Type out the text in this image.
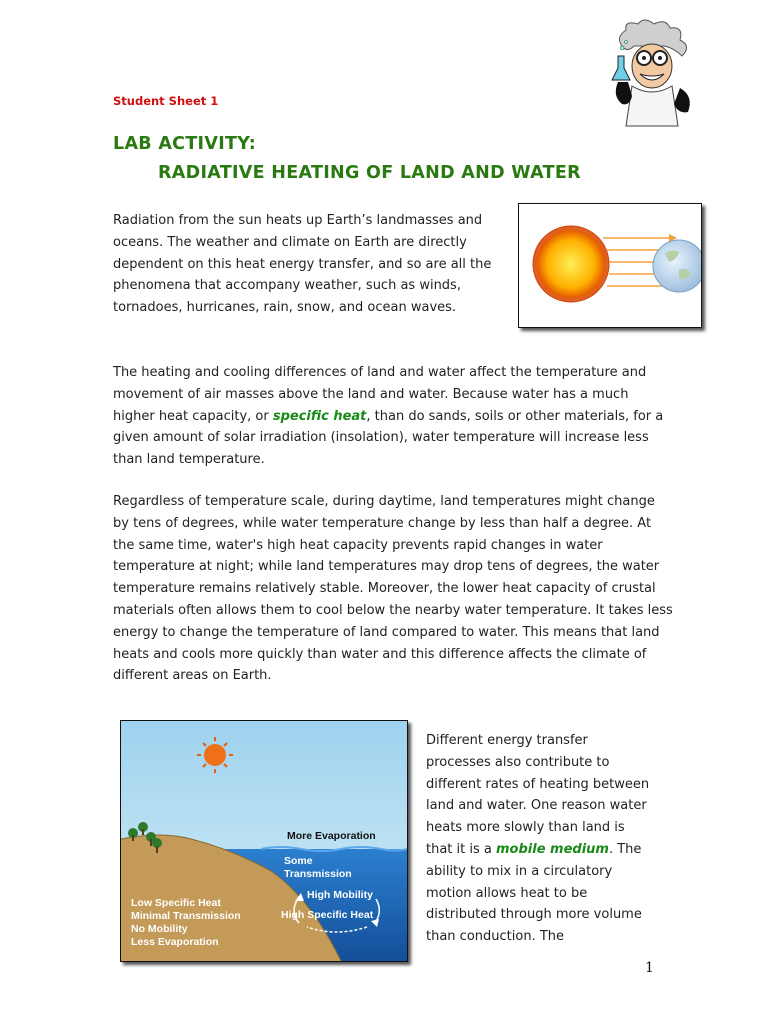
Student Sheet 1
LAB ACTIVITY:
RADIATIVE HEATING OF LAND AND WATER
Radiation from the sun heats up Earth’s landmasses and oceans. The weather and climate on Earth are directly dependent on this heat energy transfer, and so are all the phenomena that accompany weather, such as winds, tornadoes, hurricanes, rain, snow, and ocean waves.
The heating and cooling differences of land and water affect the temperature and movement of air masses above the land and water. Because water has a much higher heat capacity, or specific heat, than do sands, soils or other materials, for a given amount of solar irradiation (insolation), water temperature will increase less than land temperature.
Regardless of temperature scale, during daytime, land temperatures might change by tens of degrees, while water temperature change by less than half a degree. At the same time, water's high heat capacity prevents rapid changes in water temperature at night; while land temperatures may drop tens of degrees, the water temperature remains relatively stable. Moreover, the lower heat capacity of crustal materials often allows them to cool below the nearby water temperature. It takes less energy to change the temperature of land compared to water. This means that land heats and cools more quickly than water and this difference affects the climate of different areas on Earth.
More Evaporation
Some
Transmission
High Mobility
High Specific Heat
Low Specific Heat
Minimal Transmission
No Mobility
Less Evaporation
Different energy transfer processes also contribute to different rates of heating between land and water. One reason water heats more slowly than land is that it is a mobile medium. The ability to mix in a circulatory motion allows heat to be distributed through more volume than conduction. The
1
